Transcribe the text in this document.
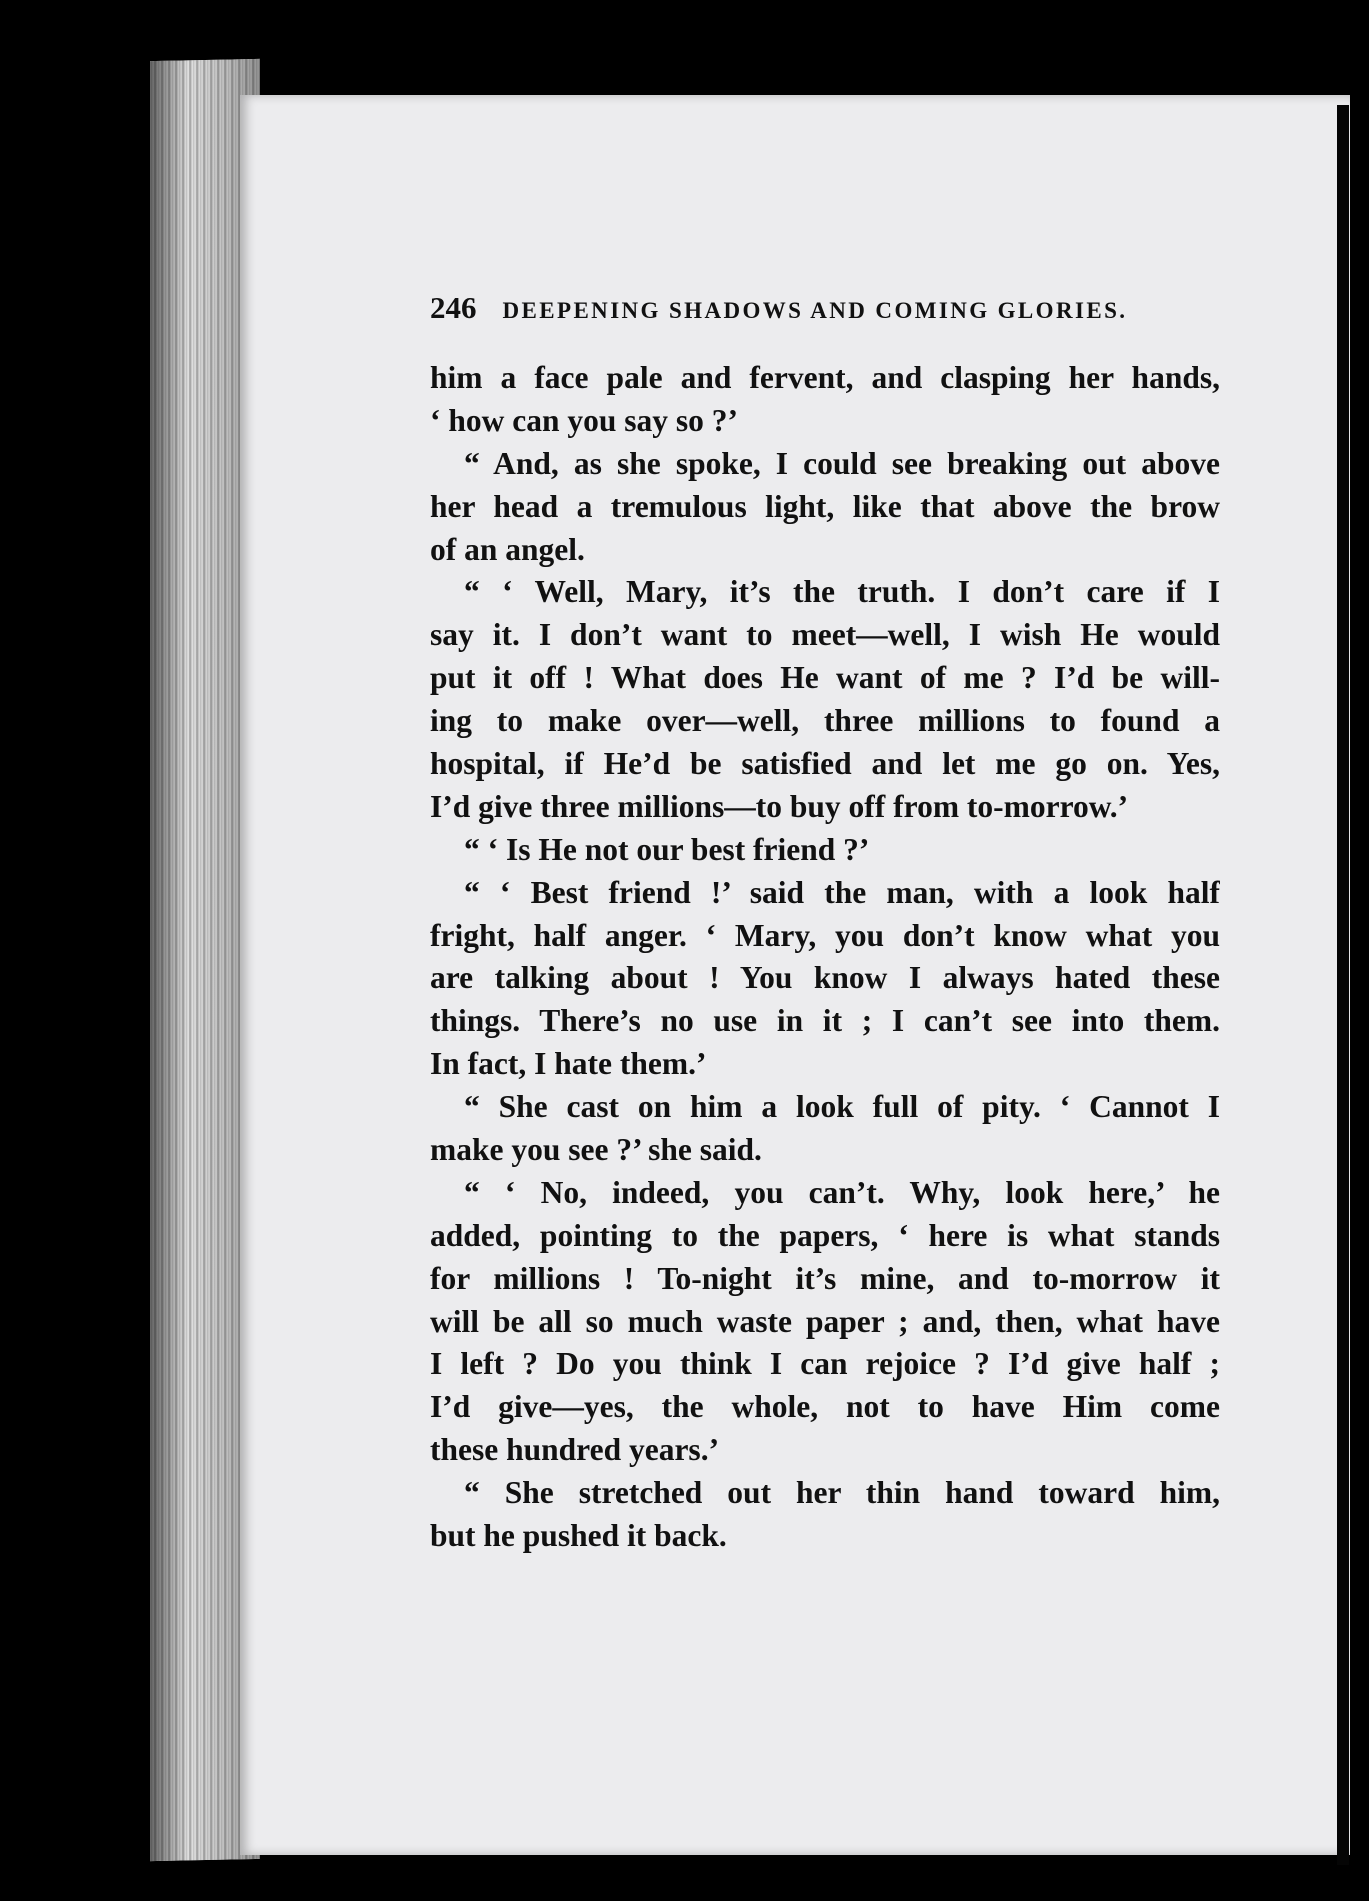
246 DEEPENING SHADOWS AND COMING GLORIES.
him a face pale and fervent, and clasping her hands,
‘ how can you say so ?’
“ And, as she spoke, I could see breaking out above
her head a tremulous light, like that above the brow
of an angel.
“ ‘ Well, Mary, it’s the truth. I don’t care if I
say it. I don’t want to meet—well, I wish He would
put it off ! What does He want of me ? I’d be will-
ing to make over—well, three millions to found a
hospital, if He’d be satisfied and let me go on. Yes,
I’d give three millions—to buy off from to-morrow.’
“ ‘ Is He not our best friend ?’
“ ‘ Best friend !’ said the man, with a look half
fright, half anger. ‘ Mary, you don’t know what you
are talking about ! You know I always hated these
things. There’s no use in it ; I can’t see into them.
In fact, I hate them.’
“ She cast on him a look full of pity. ‘ Cannot I
make you see ?’ she said.
“ ‘ No, indeed, you can’t. Why, look here,’ he
added, pointing to the papers, ‘ here is what stands
for millions ! To-night it’s mine, and to-morrow it
will be all so much waste paper ; and, then, what have
I left ? Do you think I can rejoice ? I’d give half ;
I’d give—yes, the whole, not to have Him come
these hundred years.’
“ She stretched out her thin hand toward him,
but he pushed it back.
